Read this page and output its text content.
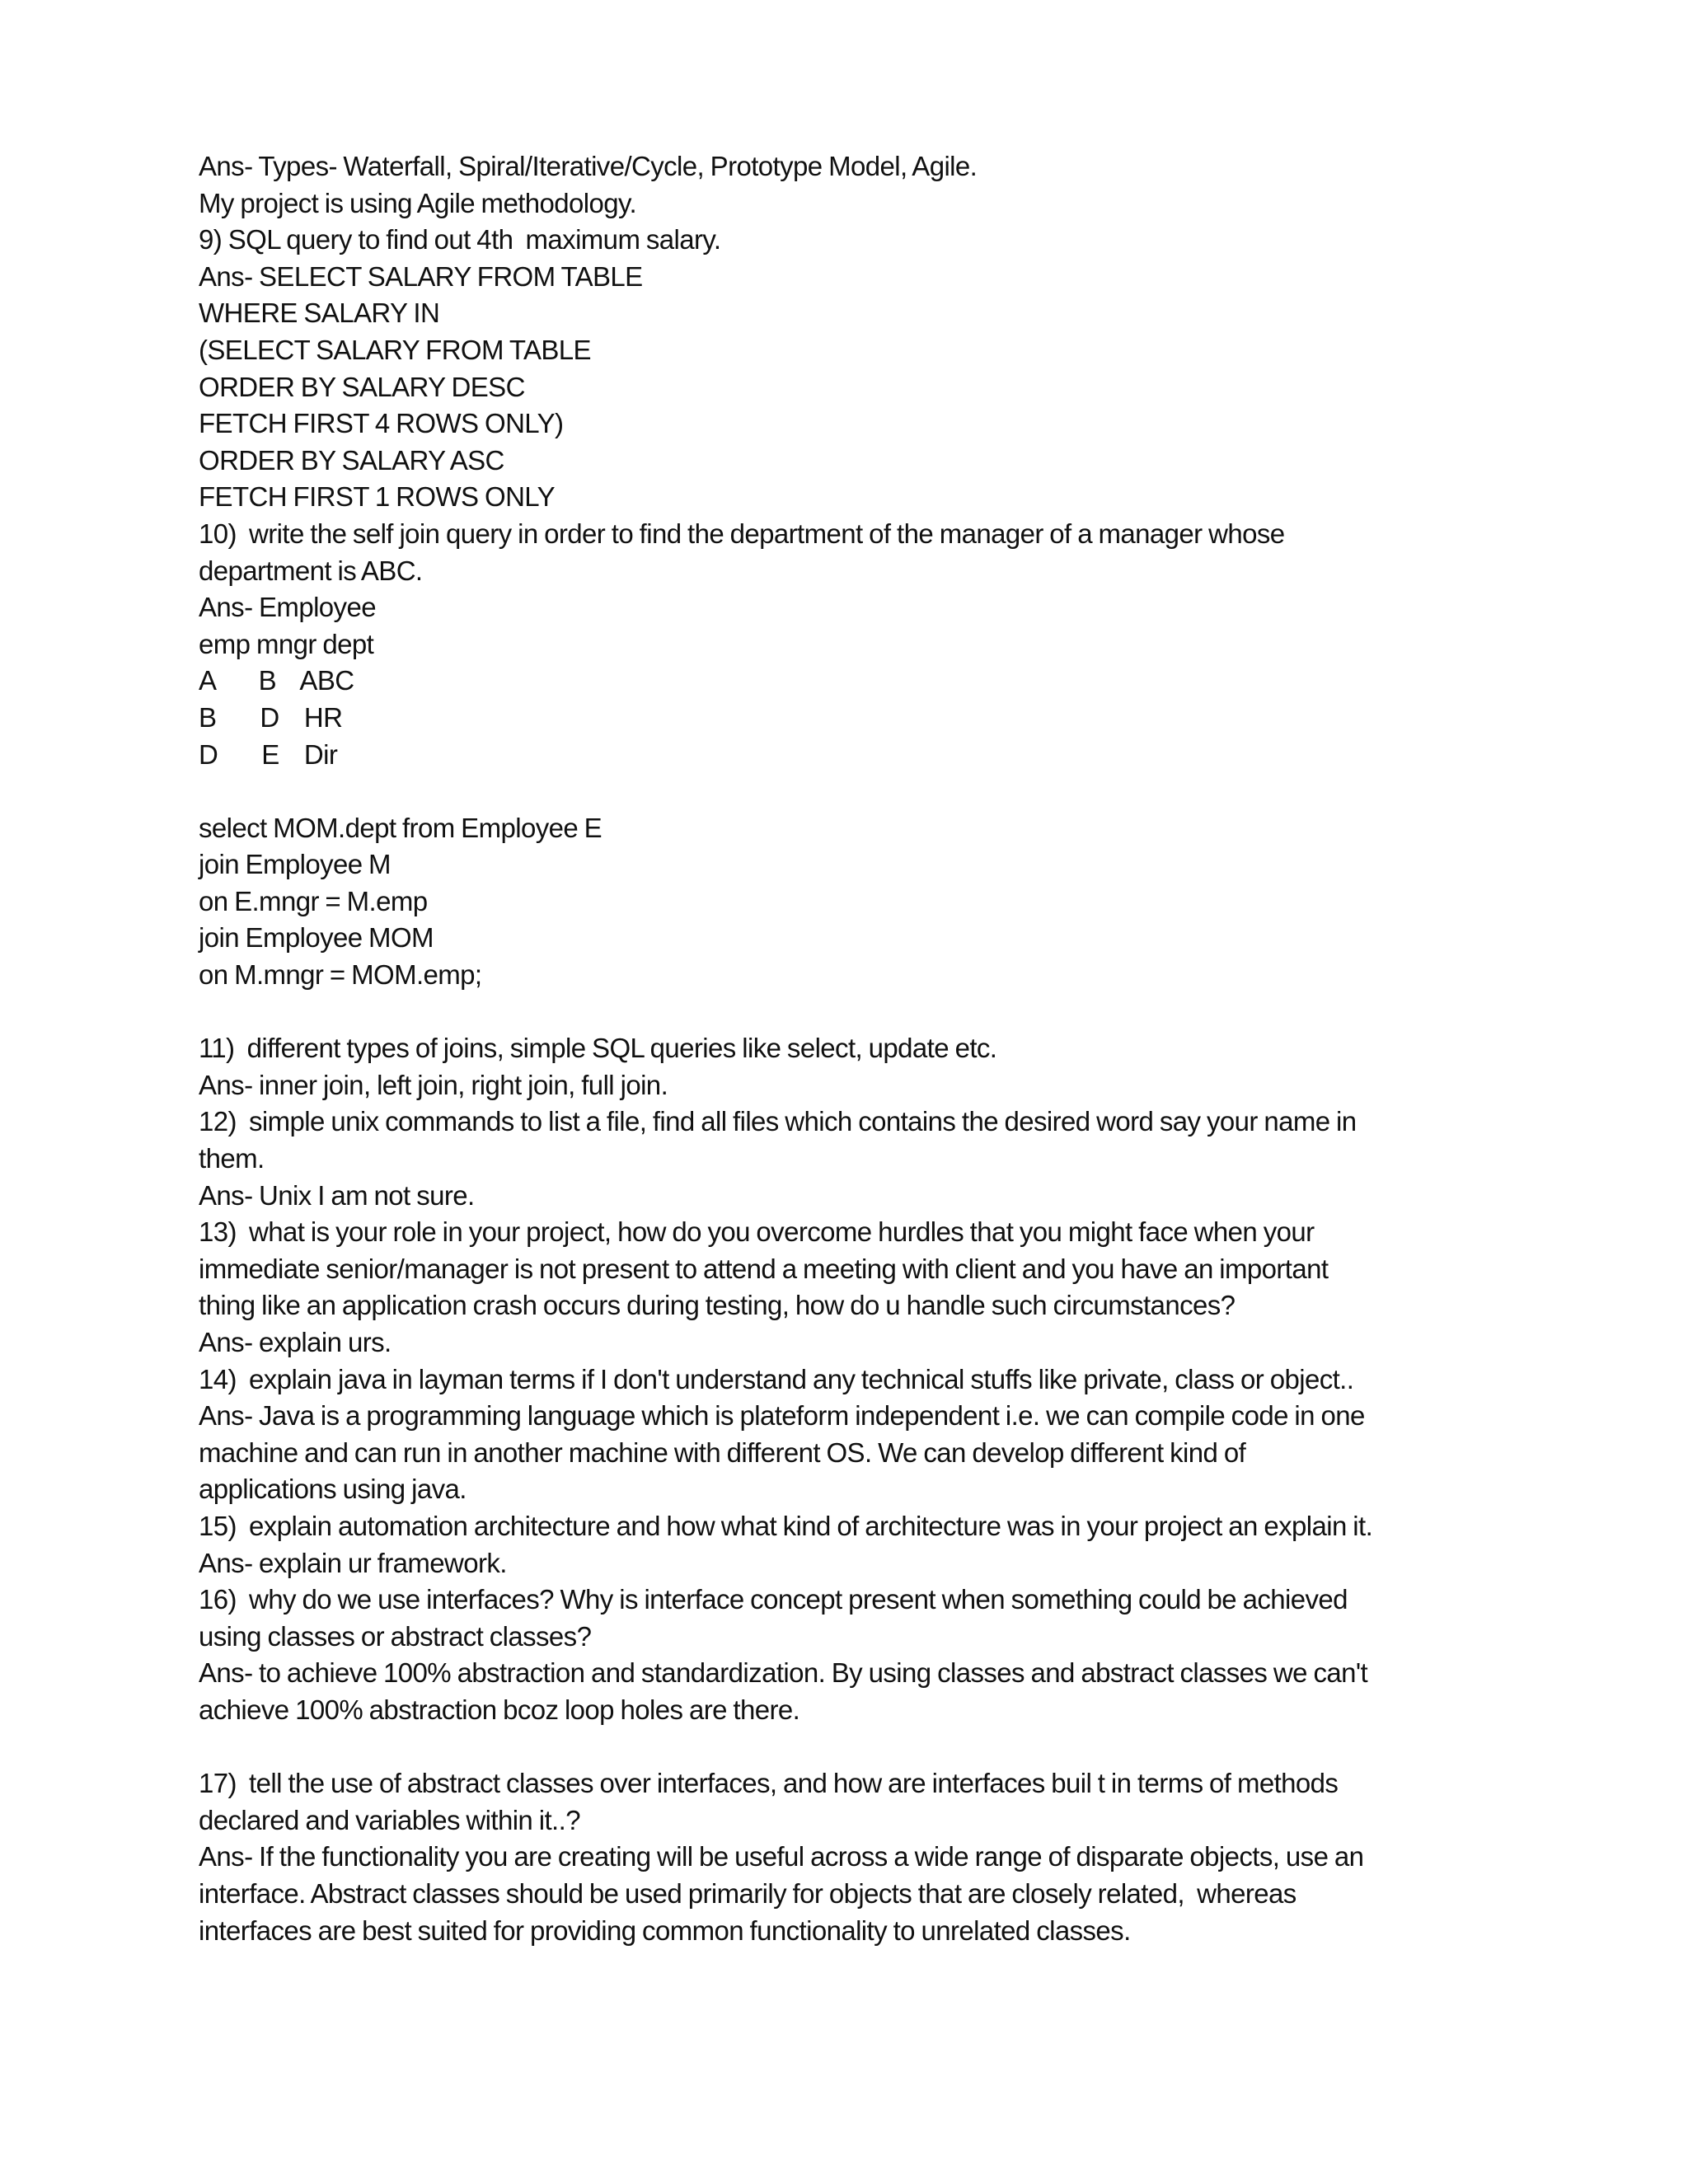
Ans- Types- Waterfall, Spiral/Iterative/Cycle, Prototype Model, Agile.
My project is using Agile methodology.
9) SQL query to find out 4th  maximum salary.
Ans- SELECT SALARY FROM TABLE
WHERE SALARY IN
(SELECT SALARY FROM TABLE
ORDER BY SALARY DESC
FETCH FIRST 4 ROWS ONLY)
ORDER BY SALARY ASC
FETCH FIRST 1 ROWS ONLY
10)  write the self join query in order to find the department of the manager of a manager whose
department is ABC.
Ans- Employee
emp mngr dept
A       B    ABC
B       D    HR
D       E    Dir
select MOM.dept from Employee E
join Employee M
on E.mngr = M.emp
join Employee MOM
on M.mngr = MOM.emp;
11)  different types of joins, simple SQL queries like select, update etc.
Ans- inner join, left join, right join, full join.
12)  simple unix commands to list a file, find all files which contains the desired word say your name in
them.
Ans- Unix I am not sure.
13)  what is your role in your project, how do you overcome hurdles that you might face when your
immediate senior/manager is not present to attend a meeting with client and you have an important
thing like an application crash occurs during testing, how do u handle such circumstances?
Ans- explain urs.
14)  explain java in layman terms if I don't understand any technical stuffs like private, class or object..
Ans- Java is a programming language which is plateform independent i.e. we can compile code in one
machine and can run in another machine with different OS. We can develop different kind of
applications using java.
15)  explain automation architecture and how what kind of architecture was in your project an explain it.
Ans- explain ur framework.
16)  why do we use interfaces? Why is interface concept present when something could be achieved
using classes or abstract classes?
Ans- to achieve 100% abstraction and standardization. By using classes and abstract classes we can't
achieve 100% abstraction bcoz loop holes are there.
17)  tell the use of abstract classes over interfaces, and how are interfaces buil t in terms of methods
declared and variables within it..?
Ans- If the functionality you are creating will be useful across a wide range of disparate objects, use an
interface. Abstract classes should be used primarily for objects that are closely related,  whereas
interfaces are best suited for providing common functionality to unrelated classes.
